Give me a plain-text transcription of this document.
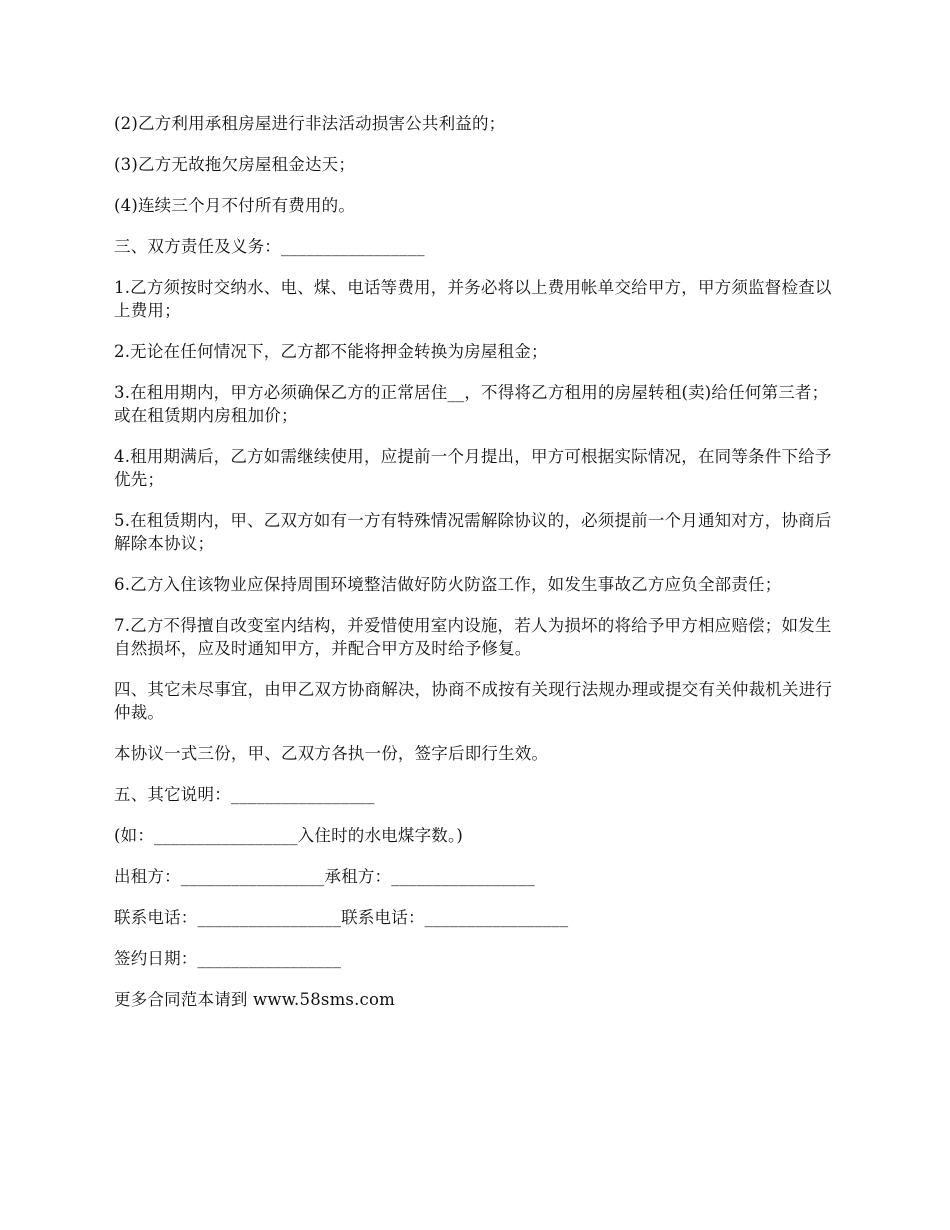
(2)乙方利用承租房屋进行非法活动损害公共利益的；

(3)乙方无故拖欠房屋租金达天；

(4)连续三个月不付所有费用的。

三、双方责任及义务：_________________

1.乙方须按时交纳水、电、煤、电话等费用，并务必将以上费用帐单交给甲方，甲方须监督检查以上费用；

2.无论在任何情况下，乙方都不能将押金转换为房屋租金；

3.在租用期内，甲方必须确保乙方的正常居住__，不得将乙方租用的房屋转租(卖)给任何第三者；或在租赁期内房租加价；

4.租用期满后，乙方如需继续使用，应提前一个月提出，甲方可根据实际情况，在同等条件下给予优先；

5.在租赁期内，甲、乙双方如有一方有特殊情况需解除协议的，必须提前一个月通知对方，协商后解除本协议；

6.乙方入住该物业应保持周围环境整洁做好防火防盗工作，如发生事故乙方应负全部责任；

7.乙方不得擅自改变室内结构，并爱惜使用室内设施，若人为损坏的将给予甲方相应赔偿；如发生自然损坏，应及时通知甲方，并配合甲方及时给予修复。

四、其它未尽事宜，由甲乙双方协商解决，协商不成按有关现行法规办理或提交有关仲裁机关进行仲裁。

本协议一式三份，甲、乙双方各执一份，签字后即行生效。

五、其它说明：_________________

(如：_________________入住时的水电煤字数。)

出租方：_________________承租方：_________________

联系电话：_________________联系电话：_________________

签约日期：_________________

更多合同范本请到 www.58sms.com
